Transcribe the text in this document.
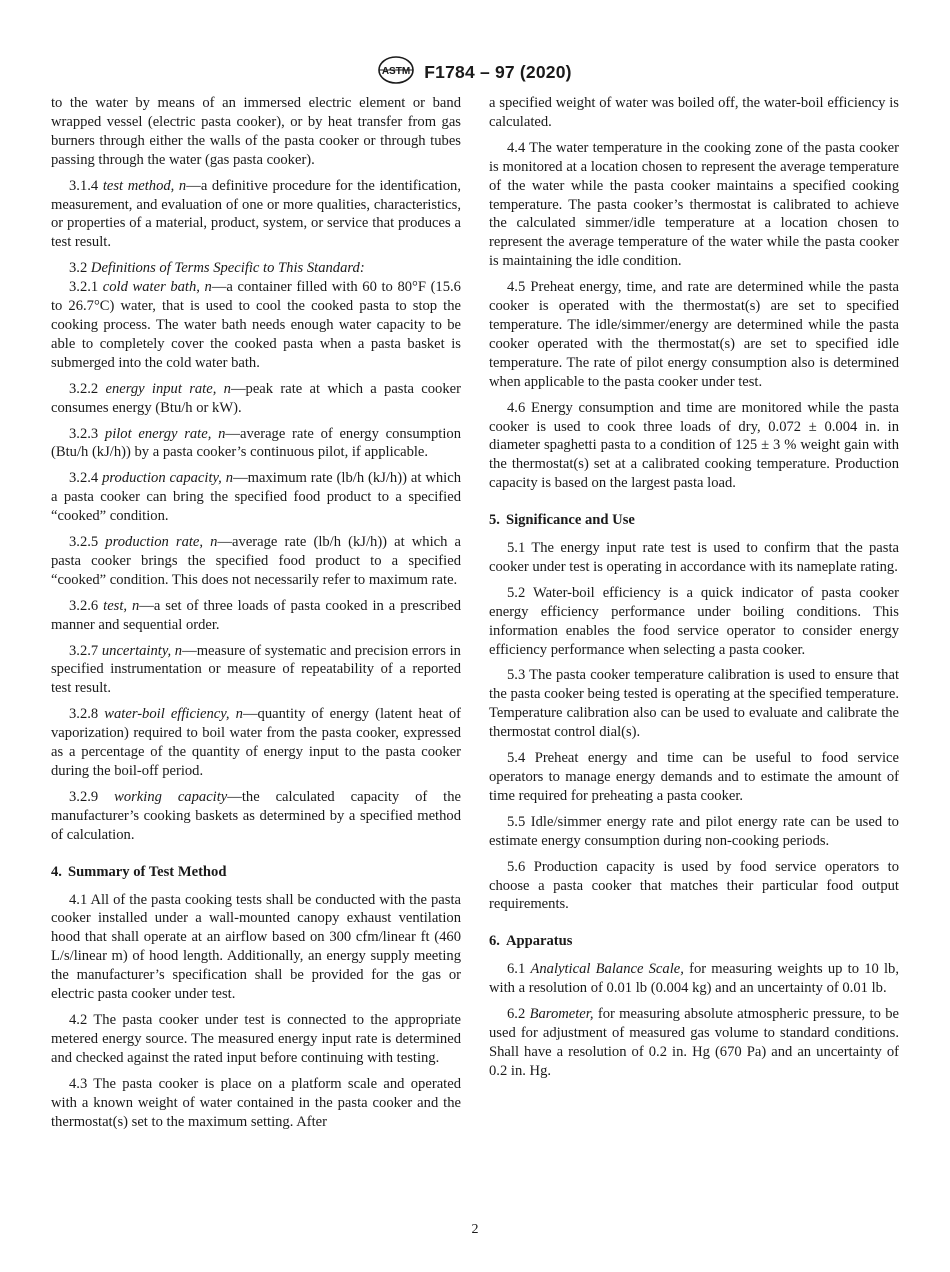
ASTM F1784 – 97 (2020)

to the water by means of an immersed electric element or band wrapped vessel (electric pasta cooker), or by heat transfer from gas burners through either the walls of the pasta cooker or through tubes passing through the water (gas pasta cooker).

3.1.4 test method, n—a definitive procedure for the identification, measurement, and evaluation of one or more qualities, characteristics, or properties of a material, product, system, or service that produces a test result.

3.2 Definitions of Terms Specific to This Standard:

3.2.1 cold water bath, n—a container filled with 60 to 80°F (15.6 to 26.7°C) water, that is used to cool the cooked pasta to stop the cooking process. The water bath needs enough water capacity to be able to completely cover the cooked pasta when a pasta basket is submerged into the cold water bath.

3.2.2 energy input rate, n—peak rate at which a pasta cooker consumes energy (Btu/h or kW).

3.2.3 pilot energy rate, n—average rate of energy consumption (Btu/h (kJ/h)) by a pasta cooker’s continuous pilot, if applicable.

3.2.4 production capacity, n—maximum rate (lb/h (kJ/h)) at which a pasta cooker can bring the specified food product to a specified “cooked” condition.

3.2.5 production rate, n—average rate (lb/h (kJ/h)) at which a pasta cooker brings the specified food product to a specified “cooked” condition. This does not necessarily refer to maximum rate.

3.2.6 test, n—a set of three loads of pasta cooked in a prescribed manner and sequential order.

3.2.7 uncertainty, n—measure of systematic and precision errors in specified instrumentation or measure of repeatability of a reported test result.

3.2.8 water-boil efficiency, n—quantity of energy (latent heat of vaporization) required to boil water from the pasta cooker, expressed as a percentage of the quantity of energy input to the pasta cooker during the boil-off period.

3.2.9 working capacity—the calculated capacity of the manufacturer’s cooking baskets as determined by a specified method of calculation.

4. Summary of Test Method

4.1 All of the pasta cooking tests shall be conducted with the pasta cooker installed under a wall-mounted canopy exhaust ventilation hood that shall operate at an airflow based on 300 cfm/linear ft (460 L/s/linear m) of hood length. Additionally, an energy supply meeting the manufacturer’s specification shall be provided for the gas or electric pasta cooker under test.

4.2 The pasta cooker under test is connected to the appropriate metered energy source. The measured energy input rate is determined and checked against the rated input before continuing with testing.

4.3 The pasta cooker is place on a platform scale and operated with a known weight of water contained in the pasta cooker and the thermostat(s) set to the maximum setting. After

a specified weight of water was boiled off, the water-boil efficiency is calculated.

4.4 The water temperature in the cooking zone of the pasta cooker is monitored at a location chosen to represent the average temperature of the water while the pasta cooker maintains a specified cooking temperature. The pasta cooker’s thermostat is calibrated to achieve the calculated simmer/idle temperature at a location chosen to represent the average temperature of the water while the pasta cooker is maintaining the idle condition.

4.5 Preheat energy, time, and rate are determined while the pasta cooker is operated with the thermostat(s) are set to specified temperature. The idle/simmer/energy are determined while the pasta cooker operated with the thermostat(s) are set to specified idle temperature. The rate of pilot energy consumption also is determined when applicable to the pasta cooker under test.

4.6 Energy consumption and time are monitored while the pasta cooker is used to cook three loads of dry, 0.072 ± 0.004 in. in diameter spaghetti pasta to a condition of 125 ± 3 % weight gain with the thermostat(s) set at a calibrated cooking temperature. Production capacity is based on the largest pasta load.

5. Significance and Use

5.1 The energy input rate test is used to confirm that the pasta cooker under test is operating in accordance with its nameplate rating.

5.2 Water-boil efficiency is a quick indicator of pasta cooker energy efficiency performance under boiling conditions. This information enables the food service operator to consider energy efficiency performance when selecting a pasta cooker.

5.3 The pasta cooker temperature calibration is used to ensure that the pasta cooker being tested is operating at the specified temperature. Temperature calibration also can be used to evaluate and calibrate the thermostat control dial(s).

5.4 Preheat energy and time can be useful to food service operators to manage energy demands and to estimate the amount of time required for preheating a pasta cooker.

5.5 Idle/simmer energy rate and pilot energy rate can be used to estimate energy consumption during non-cooking periods.

5.6 Production capacity is used by food service operators to choose a pasta cooker that matches their particular food output requirements.

6. Apparatus

6.1 Analytical Balance Scale, for measuring weights up to 10 lb, with a resolution of 0.01 lb (0.004 kg) and an uncertainty of 0.01 lb.

6.2 Barometer, for measuring absolute atmospheric pressure, to be used for adjustment of measured gas volume to standard conditions. Shall have a resolution of 0.2 in. Hg (670 Pa) and an uncertainty of 0.2 in. Hg.

2
